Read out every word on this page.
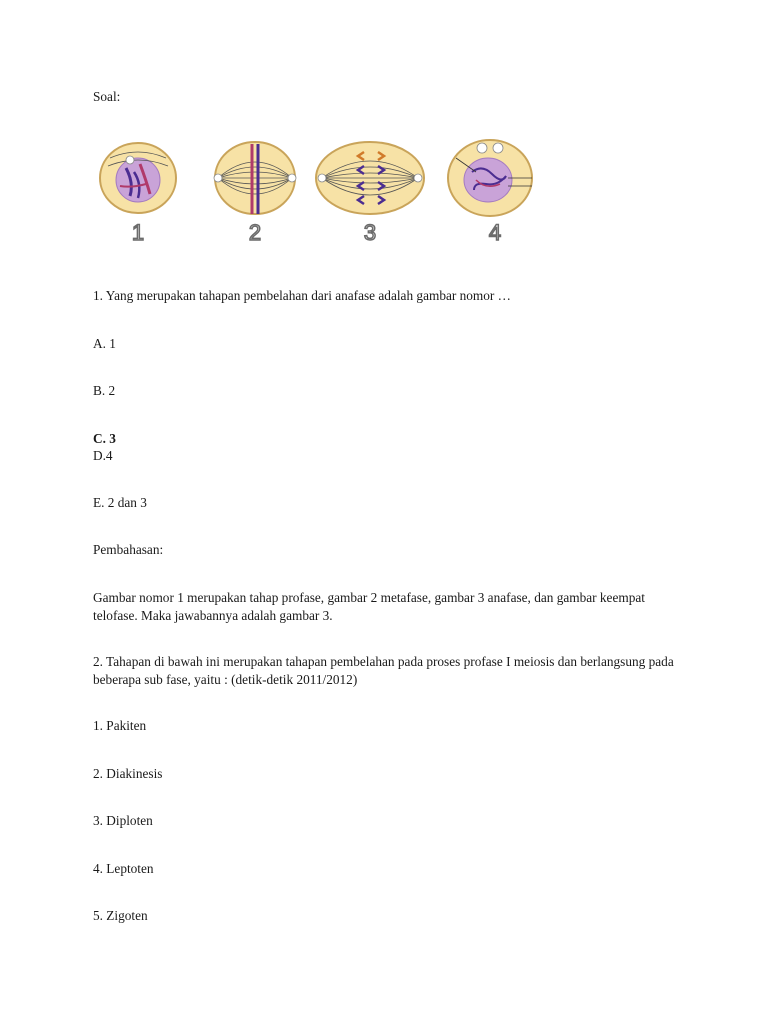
Soal:
1	2	3	4
1. Yang merupakan tahapan pembelahan dari anafase adalah gambar nomor …
A. 1
B. 2
C. 3
D.4
E. 2 dan 3
Pembahasan:
Gambar nomor 1 merupakan tahap profase, gambar 2 metafase, gambar 3 anafase, dan gambar keempat telofase. Maka jawabannya adalah gambar 3.
2. Tahapan di bawah ini merupakan tahapan pembelahan pada proses profase I meiosis dan berlangsung pada beberapa sub fase, yaitu : (detik-detik 2011/2012)
1. Pakiten
2. Diakinesis
3. Diploten
4. Leptoten
5. Zigoten
